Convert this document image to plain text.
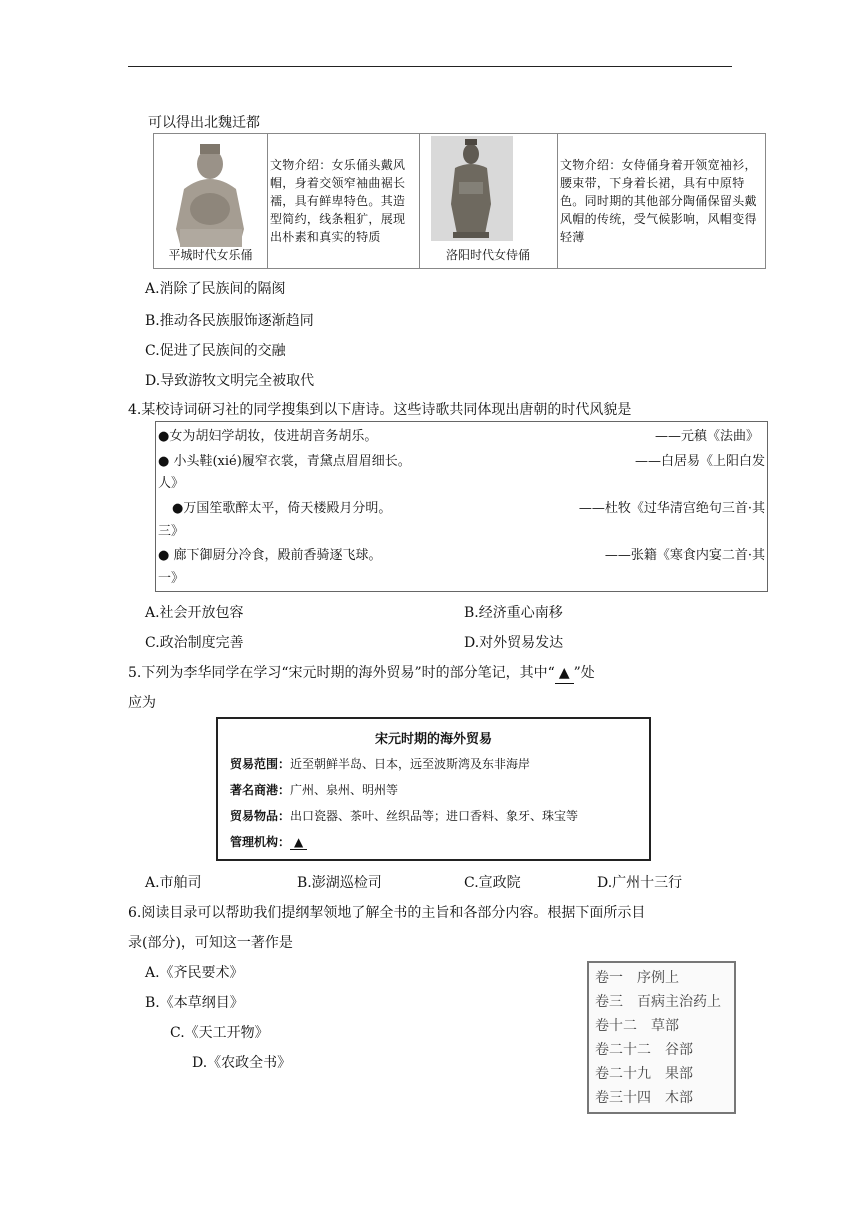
可以得出北魏迁都
平城时代女乐俑
文物介绍：女乐俑头戴风帽，身着交领窄袖曲裾长襦，具有鲜卑特色。其造型简约，线条粗犷，展现出朴素和真实的特质
洛阳时代女侍俑
文物介绍：女侍俑身着开领宽袖衫，腰束带，下身着长裙，具有中原特色。同时期的其他部分陶俑保留头戴风帽的传统，受气候影响，风帽变得轻薄
A.消除了民族间的隔阂
B.推动各民族服饰逐渐趋同
C.促进了民族间的交融
D.导致游牧文明完全被取代
4.某校诗词研习社的同学搜集到以下唐诗。这些诗歌共同体现出唐朝的时代风貌是
●女为胡妇学胡妆，伎进胡音务胡乐。	——元稹《法曲》
● 小头鞋(xié)履窄衣裳，青黛点眉眉细长。	——白居易《上阳白发
人》
●万国笙歌醉太平，倚天楼殿月分明。	——杜牧《过华清宫绝句三首·其
三》
● 廊下御厨分冷食，殿前香骑逐飞球。	——张籍《寒食内宴二首·其
一》
A.社会开放包容	B.经济重心南移
C.政治制度完善	D.对外贸易发达
5.下列为李华同学在学习“宋元时期的海外贸易”时的部分笔记，其中“ ▲ ”处
应为
宋元时期的海外贸易
贸易范围：近至朝鲜半岛、日本，远至波斯湾及东非海岸
著名商港：广州、泉州、明州等
贸易物品：出口瓷器、茶叶、丝织品等；进口香料、象牙、珠宝等
管理机构： ▲
A.市舶司	B.澎湖巡检司	C.宣政院	D.广州十三行
6.阅读目录可以帮助我们提纲挈领地了解全书的主旨和各部分内容。根据下面所示目
录(部分)，可知这一著作是
A.《齐民要术》
B.《本草纲目》
C.《天工开物》
D.《农政全书》
卷一　序例上
卷三　百病主治药上
卷十二　草部
卷二十二　谷部
卷二十九　果部
卷三十四　木部
